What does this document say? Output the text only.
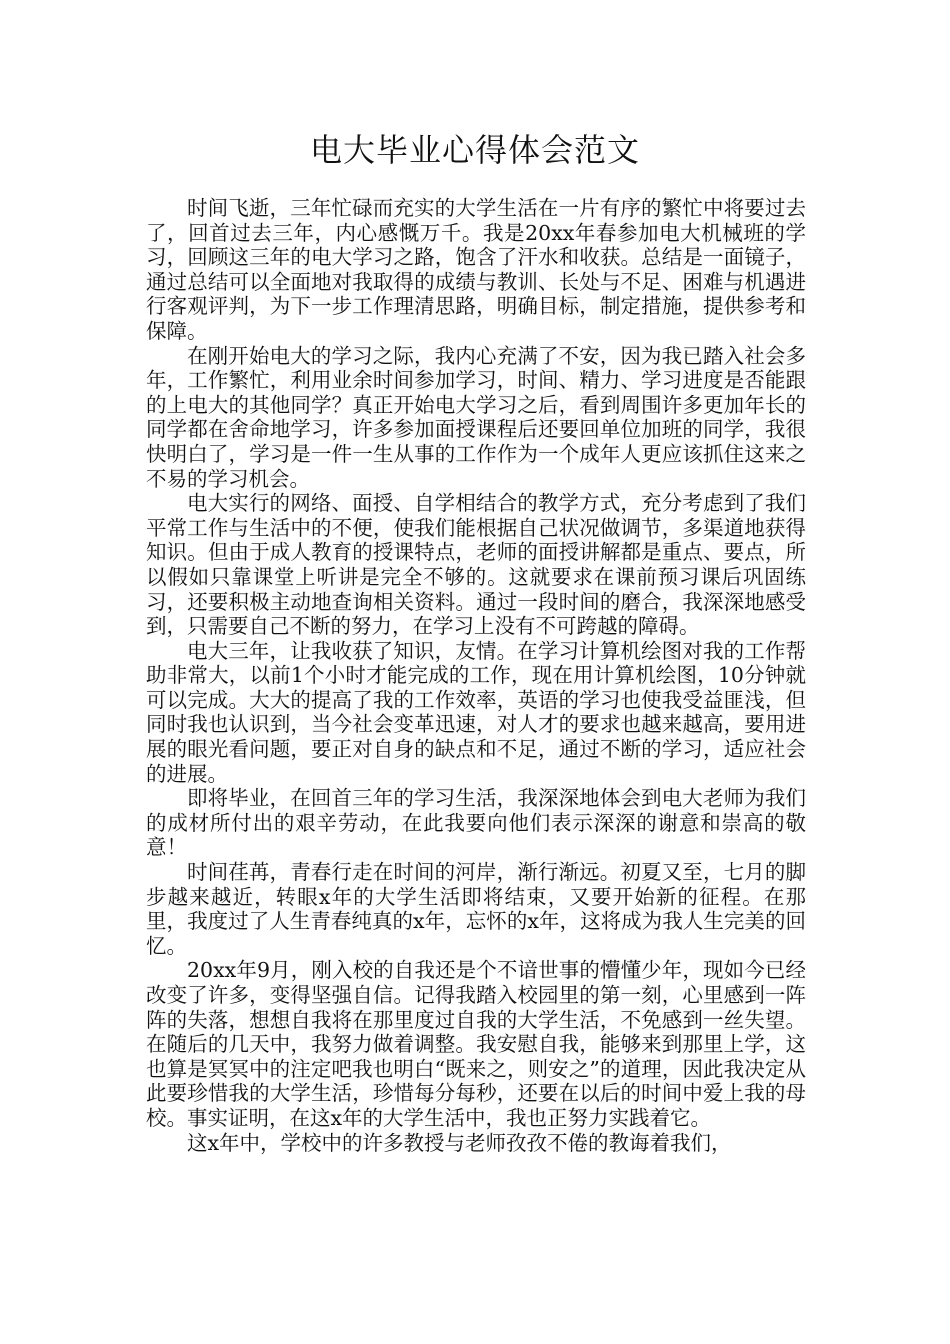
电大毕业心得体会范文

时间飞逝，三年忙碌而充实的大学生活在一片有序的繁忙中将要过去了，回首过去三年，内心感慨万千。我是20xx年春参加电大机械班的学习，回顾这三年的电大学习之路，饱含了汗水和收获。总结是一面镜子，通过总结可以全面地对我取得的成绩与教训、长处与不足、困难与机遇进行客观评判，为下一步工作理清思路，明确目标，制定措施，提供参考和保障。

在刚开始电大的学习之际，我内心充满了不安，因为我已踏入社会多年，工作繁忙，利用业余时间参加学习，时间、精力、学习进度是否能跟的上电大的其他同学？真正开始电大学习之后，看到周围许多更加年长的同学都在舍命地学习，许多参加面授课程后还要回单位加班的同学，我很快明白了，学习是一件一生从事的工作作为一个成年人更应该抓住这来之不易的学习机会。

电大实行的网络、面授、自学相结合的教学方式，充分考虑到了我们平常工作与生活中的不便，使我们能根据自己状况做调节，多渠道地获得知识。但由于成人教育的授课特点，老师的面授讲解都是重点、要点，所以假如只靠课堂上听讲是完全不够的。这就要求在课前预习课后巩固练习，还要积极主动地查询相关资料。通过一段时间的磨合，我深深地感受到，只需要自己不断的努力，在学习上没有不可跨越的障碍。

电大三年，让我收获了知识，友情。在学习计算机绘图对我的工作帮助非常大，以前1个小时才能完成的工作，现在用计算机绘图，10分钟就可以完成。大大的提高了我的工作效率，英语的学习也使我受益匪浅，但同时我也认识到，当今社会变革迅速，对人才的要求也越来越高，要用进展的眼光看问题，要正对自身的缺点和不足，通过不断的学习，适应社会的进展。

即将毕业，在回首三年的学习生活，我深深地体会到电大老师为我们的成材所付出的艰辛劳动，在此我要向他们表示深深的谢意和崇高的敬意！

时间荏苒，青春行走在时间的河岸，渐行渐远。初夏又至，七月的脚步越来越近，转眼x年的大学生活即将结束，又要开始新的征程。在那里，我度过了人生青春纯真的x年，忘怀的x年，这将成为我人生完美的回忆。

20xx年9月，刚入校的自我还是个不谙世事的懵懂少年，现如今已经改变了许多，变得坚强自信。记得我踏入校园里的第一刻，心里感到一阵阵的失落，想想自我将在那里度过自我的大学生活，不免感到一丝失望。在随后的几天中，我努力做着调整。我安慰自我，能够来到那里上学，这也算是冥冥中的注定吧我也明白“既来之，则安之”的道理，因此我决定从此要珍惜我的大学生活，珍惜每分每秒，还要在以后的时间中爱上我的母校。事实证明，在这x年的大学生活中，我也正努力实践着它。

这x年中，学校中的许多教授与老师孜孜不倦的教诲着我们，
